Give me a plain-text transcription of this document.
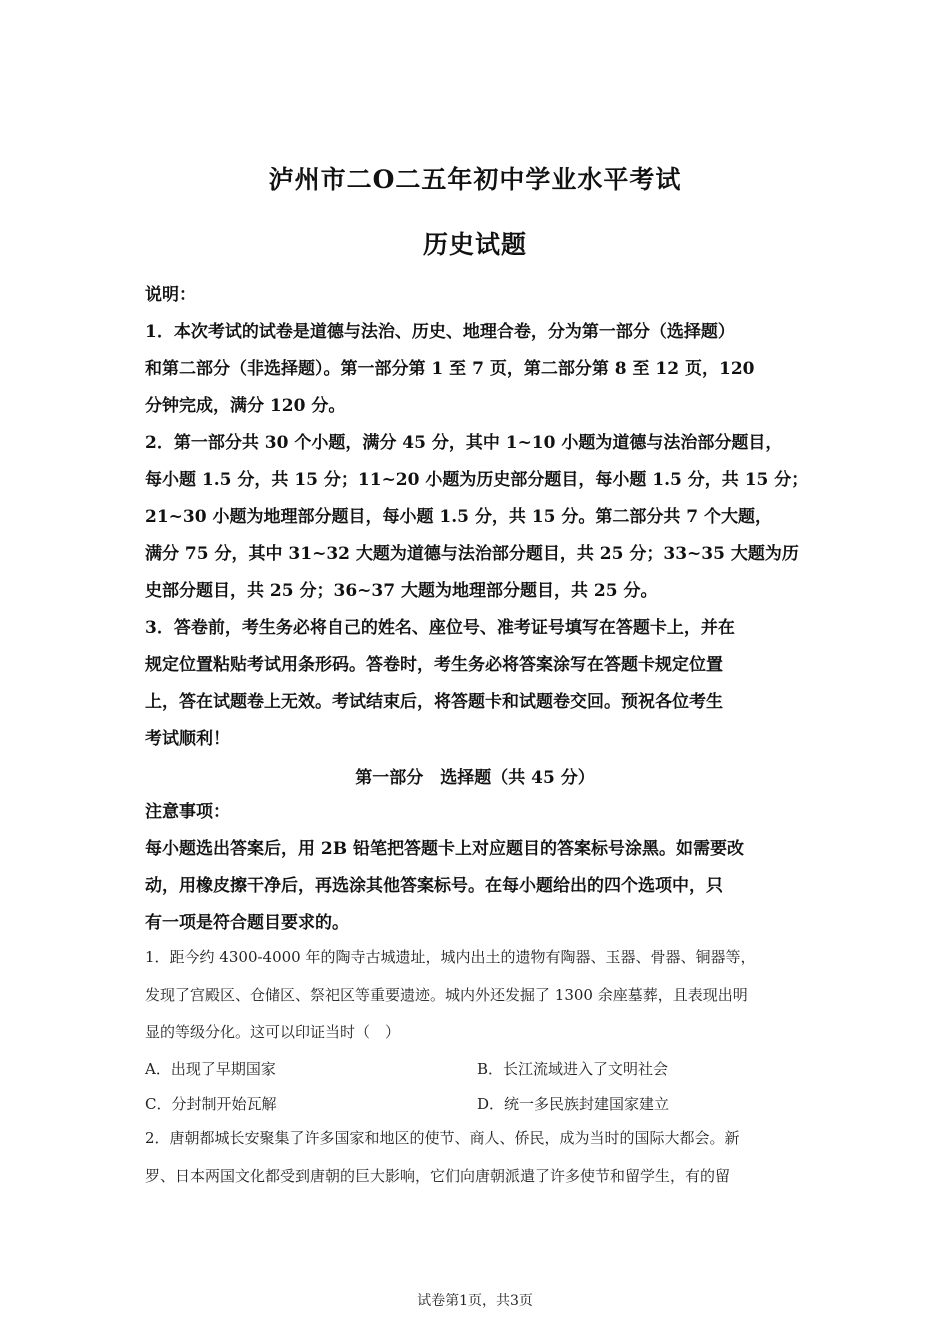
泸州市二O二五年初中学业水平考试
历史试题
说明：
1．本次考试的试卷是道德与法治、历史、地理合卷，分为第一部分（选择题）
和第二部分（非选择题）。第一部分第 1 至 7 页，第二部分第 8 至 12 页，120
分钟完成，满分 120 分。
2．第一部分共 30 个小题，满分 45 分，其中 1~10 小题为道德与法治部分题目，
每小题 1.5 分，共 15 分；11~20 小题为历史部分题目，每小题 1.5 分，共 15 分；
21~30 小题为地理部分题目，每小题 1.5 分，共 15 分。第二部分共 7 个大题，
满分 75 分，其中 31~32 大题为道德与法治部分题目，共 25 分；33~35 大题为历
史部分题目，共 25 分；36~37 大题为地理部分题目，共 25 分。
3．答卷前，考生务必将自己的姓名、座位号、准考证号填写在答题卡上，并在
规定位置粘贴考试用条形码。答卷时，考生务必将答案涂写在答题卡规定位置
上，答在试题卷上无效。考试结束后，将答题卡和试题卷交回。预祝各位考生
考试顺利！
第一部分　选择题（共 45 分）
注意事项：
每小题选出答案后，用 2B 铅笔把答题卡上对应题目的答案标号涂黑。如需要改
动，用橡皮擦干净后，再选涂其他答案标号。在每小题给出的四个选项中，只
有一项是符合题目要求的。
1．距今约 4300-4000 年的陶寺古城遗址，城内出土的遗物有陶器、玉器、骨器、铜器等，
发现了宫殿区、仓储区、祭祀区等重要遗迹。城内外还发掘了 1300 余座墓葬，且表现出明
显的等级分化。这可以印证当时（　）
A．出现了早期国家	B．长江流域进入了文明社会
C．分封制开始瓦解	D．统一多民族封建国家建立
2．唐朝都城长安聚集了许多国家和地区的使节、商人、侨民，成为当时的国际大都会。新
罗、日本两国文化都受到唐朝的巨大影响，它们向唐朝派遣了许多使节和留学生，有的留
试卷第1页，共3页
